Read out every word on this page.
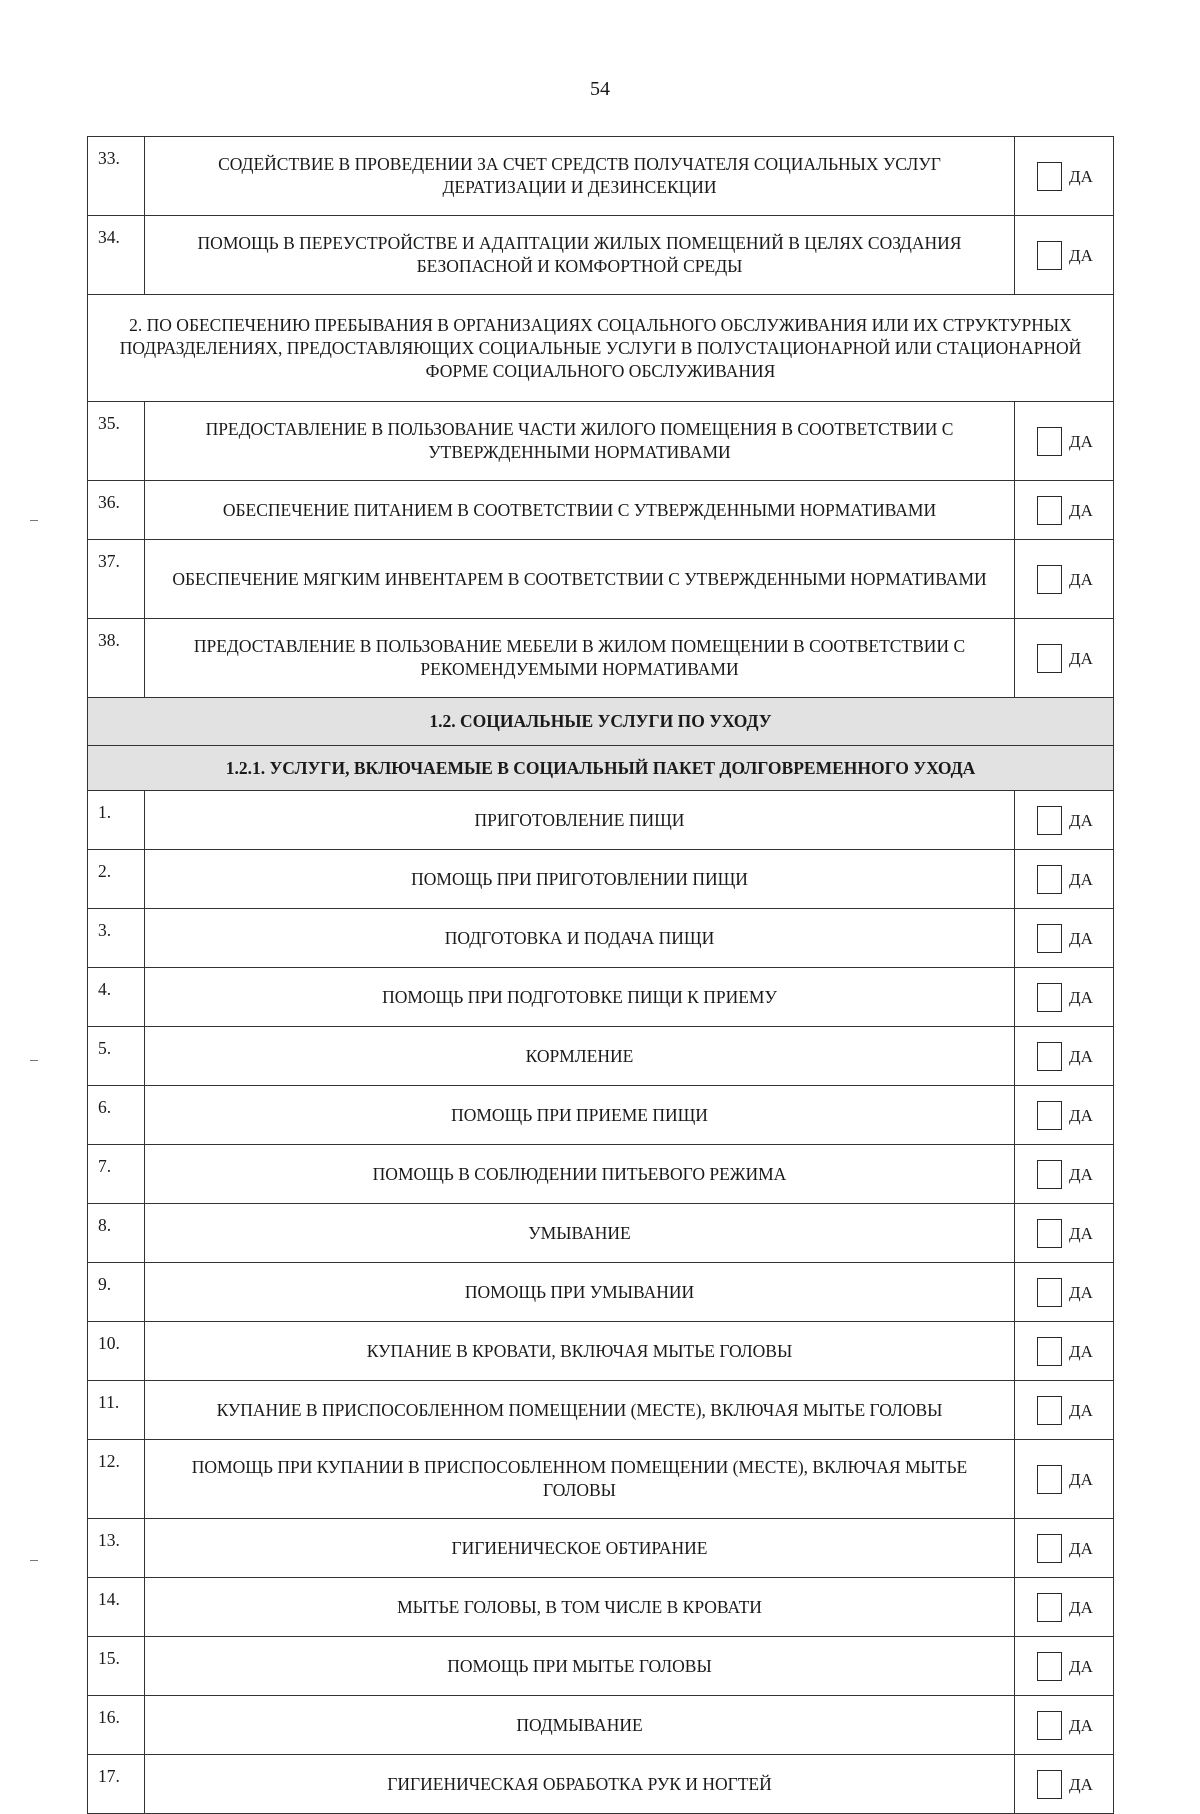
54
33.	СОДЕЙСТВИЕ В ПРОВЕДЕНИИ ЗА СЧЕТ СРЕДСТВ ПОЛУЧАТЕЛЯ СОЦИАЛЬНЫХ УСЛУГ ДЕРАТИЗАЦИИ И ДЕЗИНСЕКЦИИ	ДА

34.	ПОМОЩЬ В ПЕРЕУСТРОЙСТВЕ И АДАПТАЦИИ ЖИЛЫХ ПОМЕЩЕНИЙ В ЦЕЛЯХ СОЗДАНИЯ БЕЗОПАСНОЙ И КОМФОРТНОЙ СРЕДЫ	ДА

2. ПО ОБЕСПЕЧЕНИЮ ПРЕБЫВАНИЯ В ОРГАНИЗАЦИЯХ СОЦАЛЬНОГО ОБСЛУЖИВАНИЯ ИЛИ ИХ СТРУКТУРНЫХ ПОДРАЗДЕЛЕНИЯХ, ПРЕДОСТАВЛЯЮЩИХ СОЦИАЛЬНЫЕ УСЛУГИ В ПОЛУСТАЦИОНАРНОЙ ИЛИ СТАЦИОНАРНОЙ ФОРМЕ СОЦИАЛЬНОГО ОБСЛУЖИВАНИЯ		
35.	ПРЕДОСТАВЛЕНИЕ В ПОЛЬЗОВАНИЕ ЧАСТИ ЖИЛОГО ПОМЕЩЕНИЯ В СООТВЕТСТВИИ С УТВЕРЖДЕННЫМИ НОРМАТИВАМИ	ДА

36.	ОБЕСПЕЧЕНИЕ ПИТАНИЕМ В СООТВЕТСТВИИ С УТВЕРЖДЕННЫМИ НОРМАТИВАМИ	ДА

37.	ОБЕСПЕЧЕНИЕ МЯГКИМ ИНВЕНТАРЕМ В СООТВЕТСТВИИ С УТВЕРЖДЕННЫМИ НОРМАТИВАМИ	ДА

38.	ПРЕДОСТАВЛЕНИЕ В ПОЛЬЗОВАНИЕ МЕБЕЛИ В ЖИЛОМ ПОМЕЩЕНИИ В СООТВЕТСТВИИ С РЕКОМЕНДУЕМЫМИ НОРМАТИВАМИ	ДА

1.2. СОЦИАЛЬНЫЕ УСЛУГИ ПО УХОДУ		
1.2.1. УСЛУГИ, ВКЛЮЧАЕМЫЕ В СОЦИАЛЬНЫЙ ПАКЕТ ДОЛГОВРЕМЕННОГО УХОДА		
1.	ПРИГОТОВЛЕНИЕ ПИЩИ	ДА

2.	ПОМОЩЬ ПРИ ПРИГОТОВЛЕНИИ ПИЩИ	ДА

3.	ПОДГОТОВКА И ПОДАЧА ПИЩИ	ДА

4.	ПОМОЩЬ ПРИ ПОДГОТОВКЕ ПИЩИ К ПРИЕМУ	ДА

5.	КОРМЛЕНИЕ	ДА

6.	ПОМОЩЬ ПРИ ПРИЕМЕ ПИЩИ	ДА

7.	ПОМОЩЬ В СОБЛЮДЕНИИ ПИТЬЕВОГО РЕЖИМА	ДА

8.	УМЫВАНИЕ	ДА

9.	ПОМОЩЬ ПРИ УМЫВАНИИ	ДА

10.	КУПАНИЕ В КРОВАТИ, ВКЛЮЧАЯ МЫТЬЕ ГОЛОВЫ	ДА

11.	КУПАНИЕ В ПРИСПОСОБЛЕННОМ ПОМЕЩЕНИИ (МЕСТЕ), ВКЛЮЧАЯ МЫТЬЕ ГОЛОВЫ	ДА

12.	ПОМОЩЬ ПРИ КУПАНИИ В ПРИСПОСОБЛЕННОМ ПОМЕЩЕНИИ (МЕСТЕ), ВКЛЮЧАЯ МЫТЬЕ ГОЛОВЫ	ДА

13.	ГИГИЕНИЧЕСКОЕ ОБТИРАНИЕ	ДА

14.	МЫТЬЕ ГОЛОВЫ, В ТОМ ЧИСЛЕ В КРОВАТИ	ДА

15.	ПОМОЩЬ ПРИ МЫТЬЕ ГОЛОВЫ	ДА

16.	ПОДМЫВАНИЕ	ДА

17.	ГИГИЕНИЧЕСКАЯ ОБРАБОТКА РУК И НОГТЕЙ	ДА
